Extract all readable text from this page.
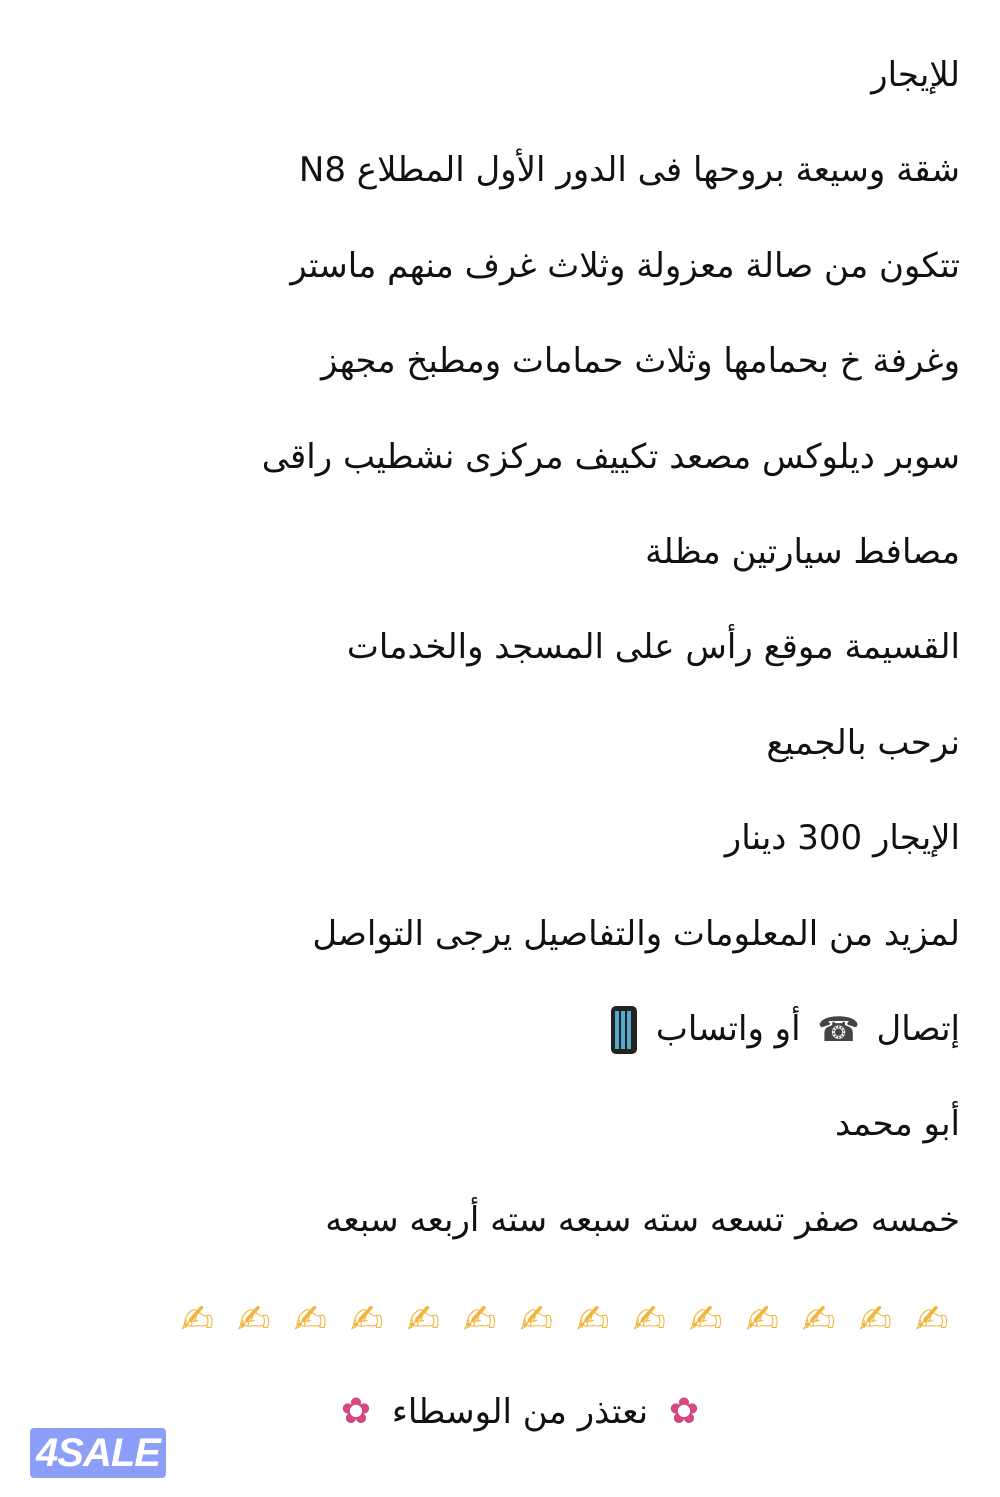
للإيجار
شقة وسيعة بروحها فى الدور الأول المطلاع N8
تتكون من صالة معزولة وثلاث غرف منهم ماستر
وغرفة خ بحمامها وثلاث حمامات ومطبخ مجهز
سوبر ديلوكس مصعد تكييف مركزى نشطيب راقى
مصافط سيارتين مظلة
القسيمة موقع رأس على المسجد والخدمات
نرحب بالجميع
الإيجار 300 دينار
لمزيد من المعلومات والتفاصيل يرجى التواصل
إتصال ☎ أو واتساب
أبو محمد
خمسه صفر تسعه سته سبعه سته أربعه سبعه
✍✍✍✍✍✍✍✍✍✍✍✍✍✍
✿ نعتذر من الوسطاء ✿
4SALE
